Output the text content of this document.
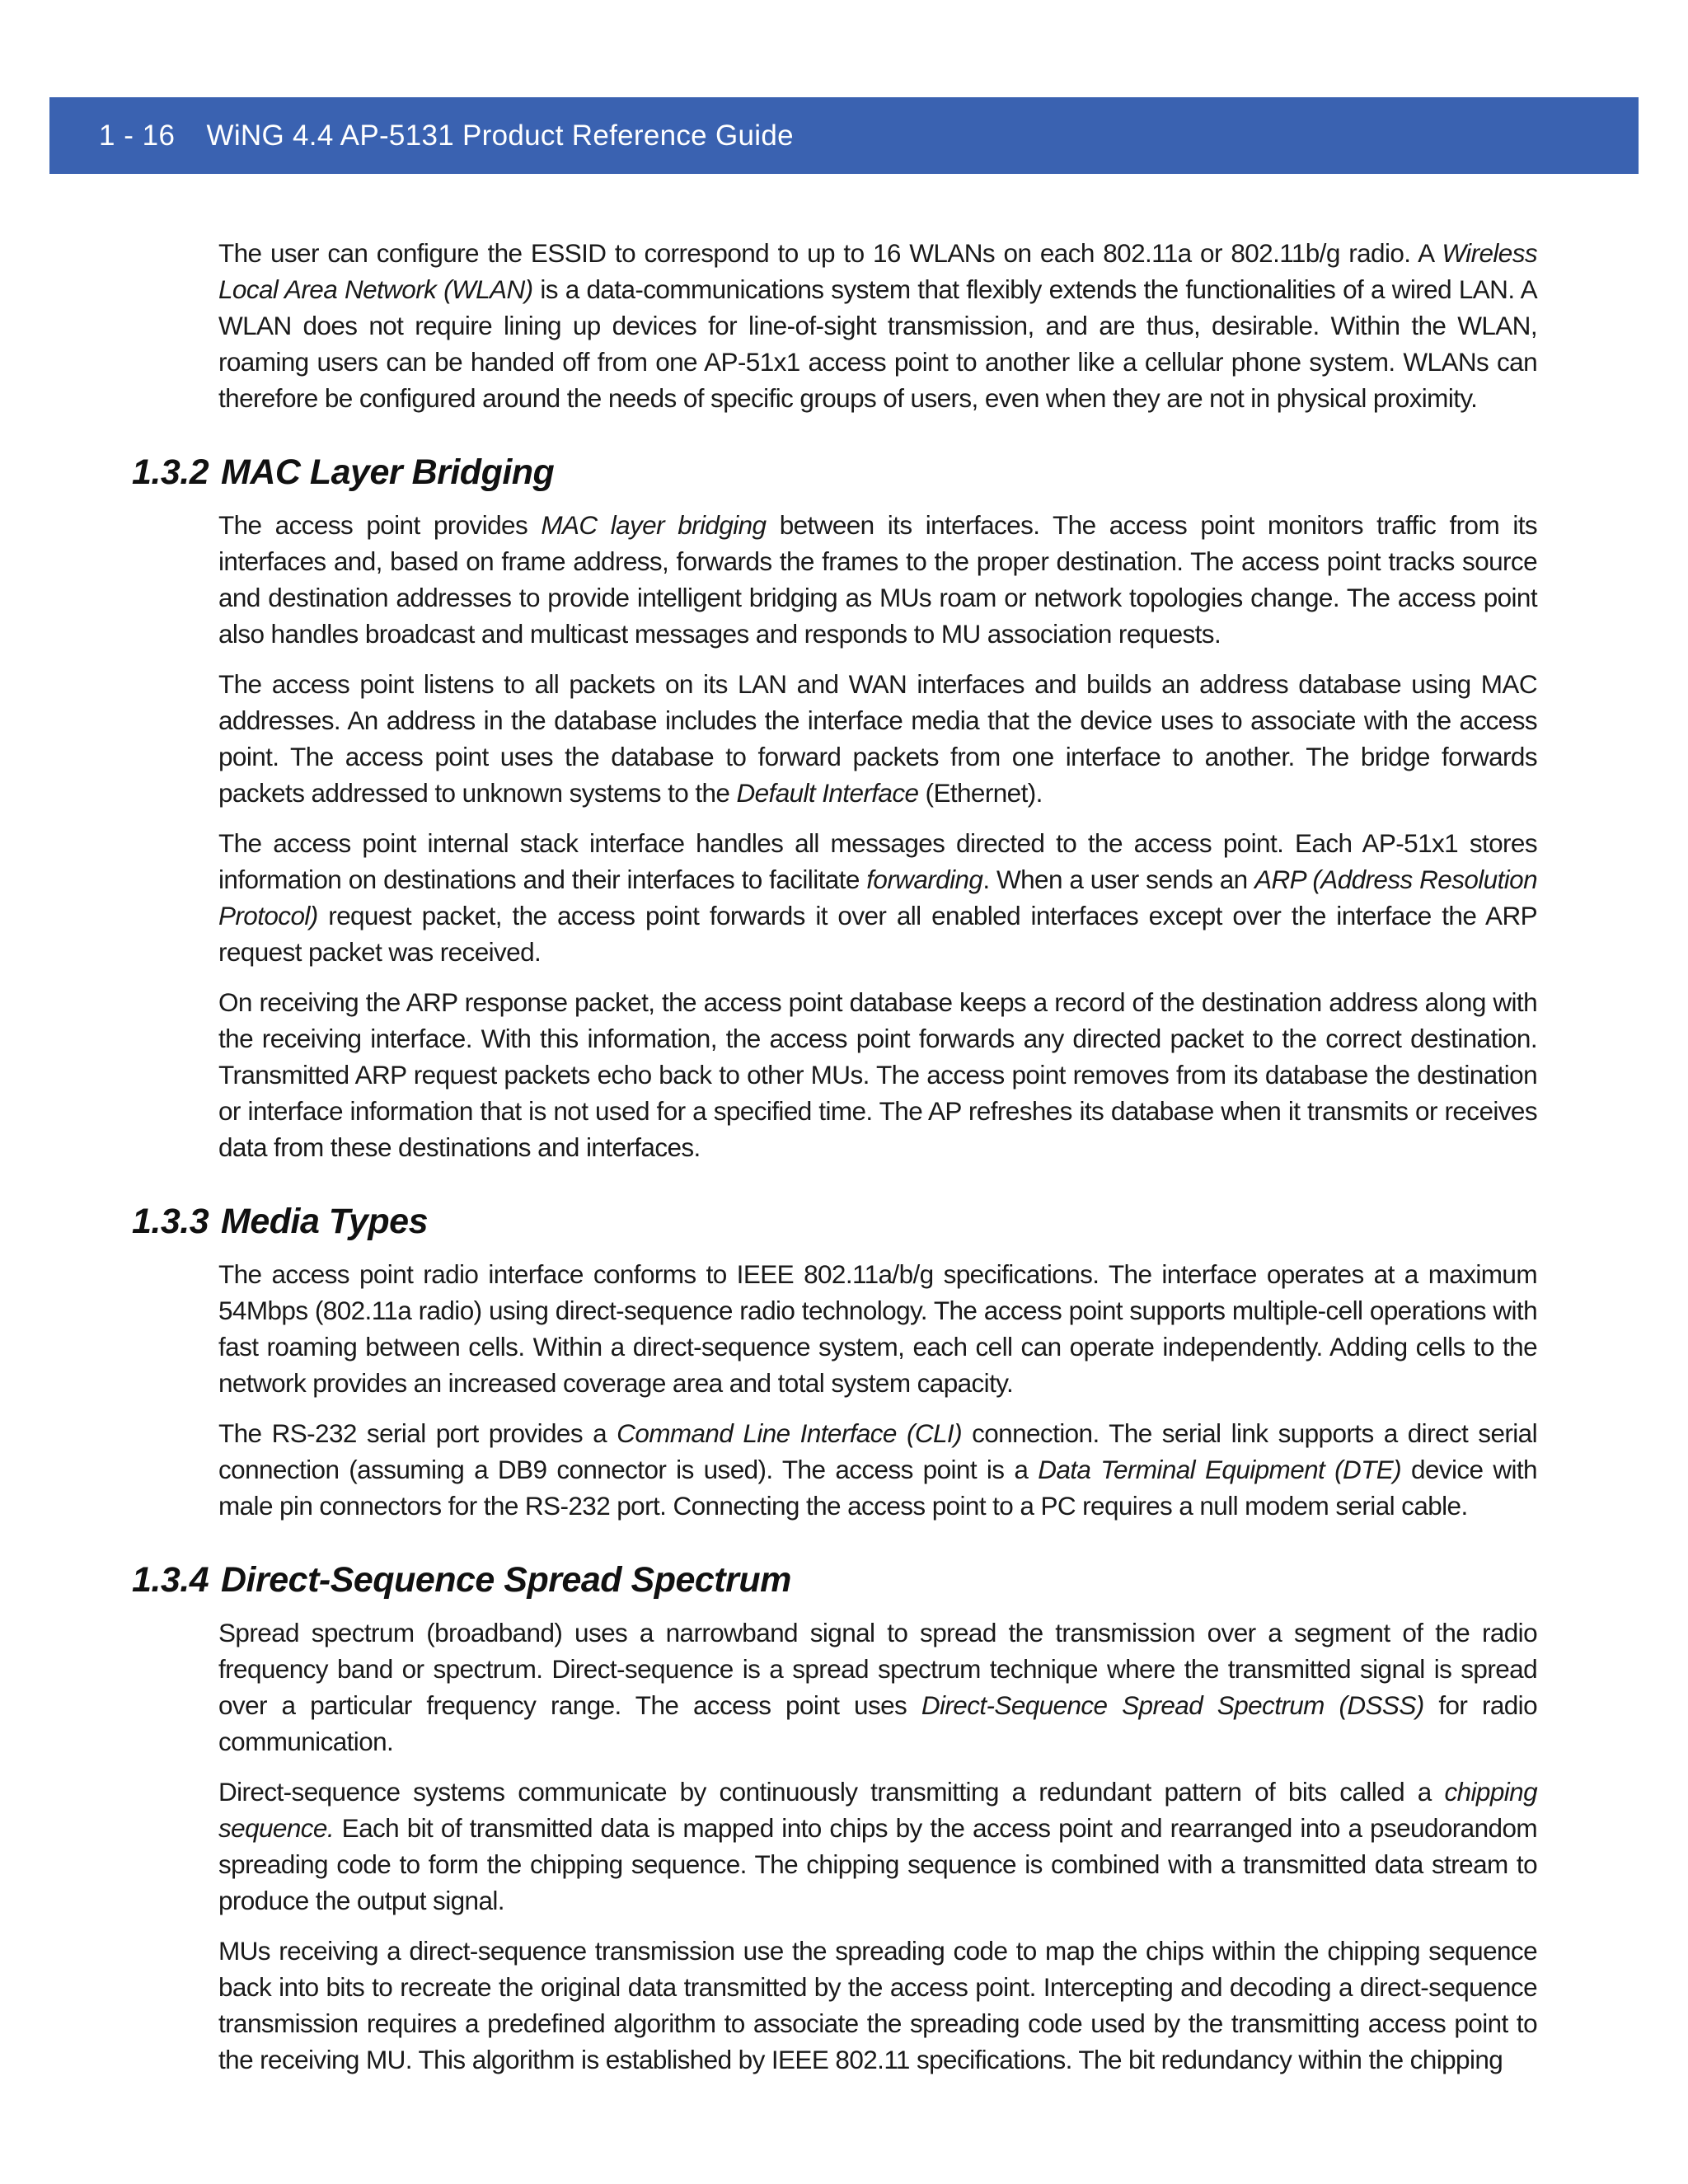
1 - 16 WiNG 4.4 AP-5131 Product Reference Guide

The user can configure the ESSID to correspond to up to 16 WLANs on each 802.11a or 802.11b/g radio. A Wireless Local Area Network (WLAN) is a data-communications system that flexibly extends the functionalities of a wired LAN. A WLAN does not require lining up devices for line-of-sight transmission, and are thus, desirable. Within the WLAN, roaming users can be handed off from one AP-51x1 access point to another like a cellular phone system. WLANs can therefore be configured around the needs of specific groups of users, even when they are not in physical proximity.

1.3.2 MAC Layer Bridging

The access point provides MAC layer bridging between its interfaces. The access point monitors traffic from its interfaces and, based on frame address, forwards the frames to the proper destination. The access point tracks source and destination addresses to provide intelligent bridging as MUs roam or network topologies change. The access point also handles broadcast and multicast messages and responds to MU association requests.

The access point listens to all packets on its LAN and WAN interfaces and builds an address database using MAC addresses. An address in the database includes the interface media that the device uses to associate with the access point. The access point uses the database to forward packets from one interface to another. The bridge forwards packets addressed to unknown systems to the Default Interface (Ethernet).

The access point internal stack interface handles all messages directed to the access point. Each AP-51x1 stores information on destinations and their interfaces to facilitate forwarding. When a user sends an ARP (Address Resolution Protocol) request packet, the access point forwards it over all enabled interfaces except over the interface the ARP request packet was received.

On receiving the ARP response packet, the access point database keeps a record of the destination address along with the receiving interface. With this information, the access point forwards any directed packet to the correct destination. Transmitted ARP request packets echo back to other MUs. The access point removes from its database the destination or interface information that is not used for a specified time. The AP refreshes its database when it transmits or receives data from these destinations and interfaces.

1.3.3 Media Types

The access point radio interface conforms to IEEE 802.11a/b/g specifications. The interface operates at a maximum 54Mbps (802.11a radio) using direct-sequence radio technology. The access point supports multiple-cell operations with fast roaming between cells. Within a direct-sequence system, each cell can operate independently. Adding cells to the network provides an increased coverage area and total system capacity.

The RS-232 serial port provides a Command Line Interface (CLI) connection. The serial link supports a direct serial connection (assuming a DB9 connector is used). The access point is a Data Terminal Equipment (DTE) device with male pin connectors for the RS-232 port. Connecting the access point to a PC requires a null modem serial cable.

1.3.4 Direct-Sequence Spread Spectrum

Spread spectrum (broadband) uses a narrowband signal to spread the transmission over a segment of the radio frequency band or spectrum. Direct-sequence is a spread spectrum technique where the transmitted signal is spread over a particular frequency range. The access point uses Direct-Sequence Spread Spectrum (DSSS) for radio communication.

Direct-sequence systems communicate by continuously transmitting a redundant pattern of bits called a chipping sequence. Each bit of transmitted data is mapped into chips by the access point and rearranged into a pseudorandom spreading code to form the chipping sequence. The chipping sequence is combined with a transmitted data stream to produce the output signal.

MUs receiving a direct-sequence transmission use the spreading code to map the chips within the chipping sequence back into bits to recreate the original data transmitted by the access point. Intercepting and decoding a direct-sequence transmission requires a predefined algorithm to associate the spreading code used by the transmitting access point to the receiving MU. This algorithm is established by IEEE 802.11 specifications. The bit redundancy within the chipping
